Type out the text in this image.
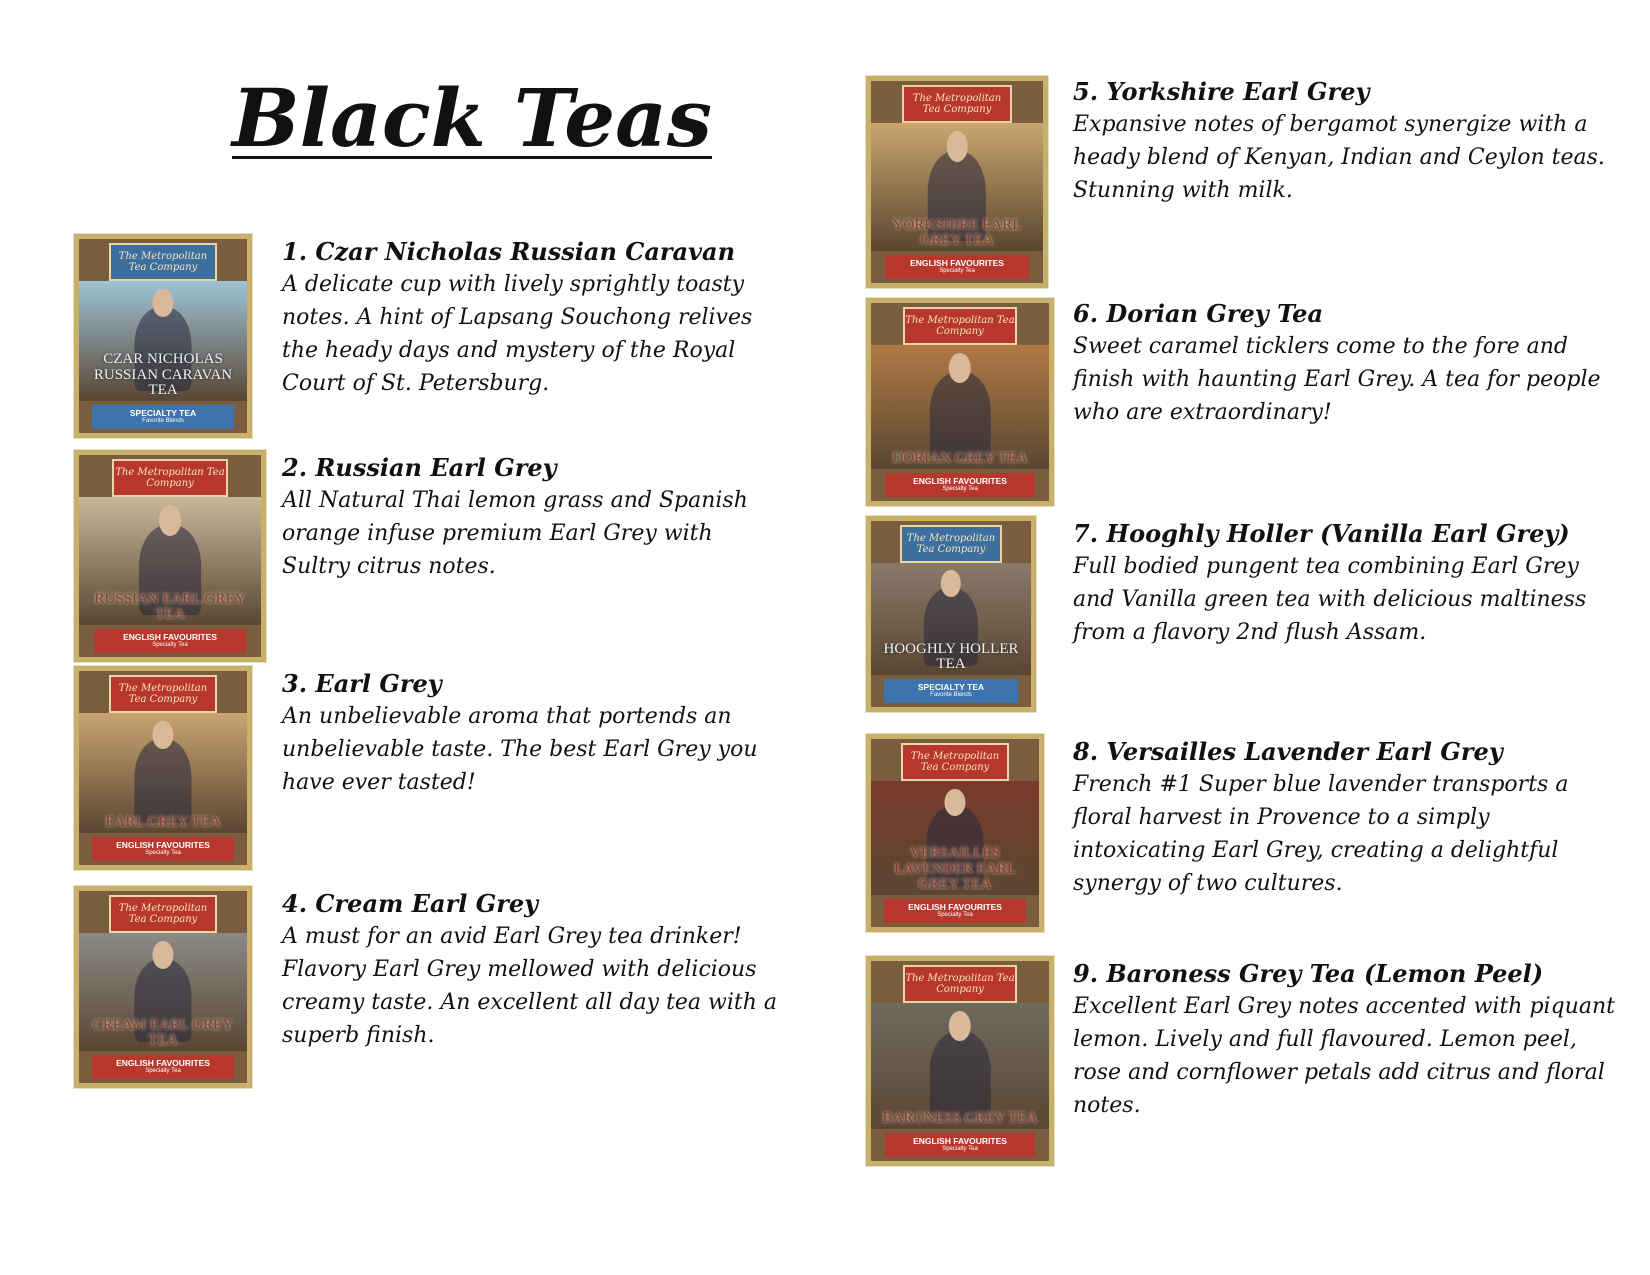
Black Teas
The Metropolitan Tea Company
CZAR NICHOLAS RUSSIAN CARAVAN TEA
SPECIALTY TEA
Favorite Blends
1. Czar Nicholas Russian Caravan

A delicate cup with lively sprightly toasty notes. A hint of Lapsang Souchong relives the heady days and mystery of the Royal Court of St. Petersburg.

The Metropolitan Tea Company
RUSSIAN EARL GREY TEA
ENGLISH FAVOURITES
Specialty Tea
2. Russian Earl Grey

All Natural Thai lemon grass and Spanish orange infuse premium Earl Grey with Sultry citrus notes.

The Metropolitan Tea Company
EARL GREY TEA
ENGLISH FAVOURITES
Specialty Tea
3. Earl Grey

An unbelievable aroma that portends an unbelievable taste. The best Earl Grey you have ever tasted!

The Metropolitan Tea Company
CREAM EARL GREY TEA
ENGLISH FAVOURITES
Specialty Tea
4. Cream Earl Grey

A must for an avid Earl Grey tea drinker! Flavory Earl Grey mellowed with delicious creamy taste. An excellent all day tea with a superb finish.

The Metropolitan Tea Company
YORKSHIRE EARL GREY TEA
ENGLISH FAVOURITES
Specialty Tea
5. Yorkshire Earl Grey

Expansive notes of bergamot synergize with a heady blend of Kenyan, Indian and Ceylon teas. Stunning with milk.

The Metropolitan Tea Company
DORIAN GREY TEA
ENGLISH FAVOURITES
Specialty Tea
6. Dorian Grey Tea

Sweet caramel ticklers come to the fore and finish with haunting Earl Grey. A tea for people who are extraordinary!

The Metropolitan Tea Company
HOOGHLY HOLLER TEA
SPECIALTY TEA
Favorite Blends
7. Hooghly Holler (Vanilla Earl Grey)

Full bodied pungent tea combining Earl Grey and Vanilla green tea with delicious maltiness from a flavory 2nd flush Assam.

The Metropolitan Tea Company
VERSAILLES LAVENDER EARL GREY TEA
ENGLISH FAVOURITES
Specialty Tea
8. Versailles Lavender Earl Grey

French #1 Super blue lavender transports a floral harvest in Provence to a simply intoxicating Earl Grey, creating a delightful synergy of two cultures.

The Metropolitan Tea Company
BARONESS GREY TEA
ENGLISH FAVOURITES
Specialty Tea
9. Baroness Grey Tea (Lemon Peel)

Excellent Earl Grey notes accented with piquant lemon. Lively and full flavoured. Lemon peel, rose and cornflower petals add citrus and floral notes.
